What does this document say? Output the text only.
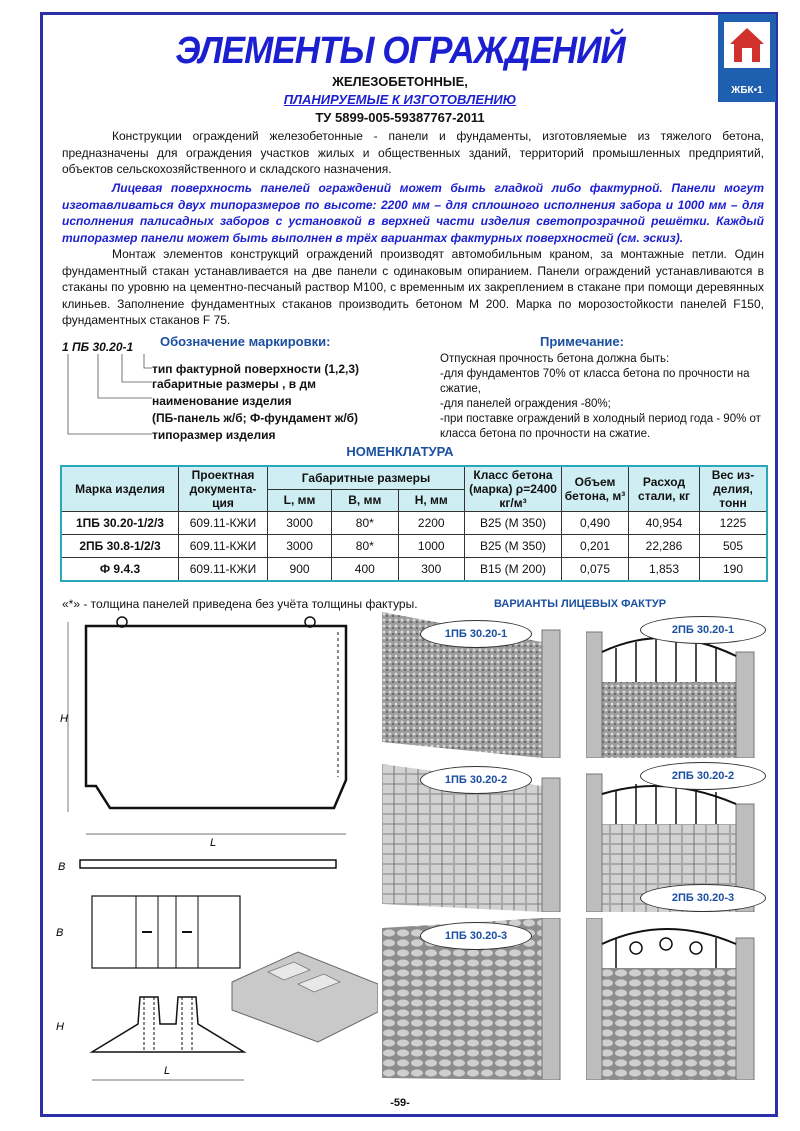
ЖБК•1
ЭЛЕМЕНТЫ ОГРАЖДЕНИЙ
ЖЕЛЕЗОБЕТОННЫЕ,
ПЛАНИРУЕМЫЕ К ИЗГОТОВЛЕНИЮ
ТУ 5899-005-59387767-2011
Конструкции ограждений железобетонные - панели и фундаменты, изготовляемые из тяжелого бетона, предназначены для ограждения участков жилых и общественных зданий, территорий промышленных предприятий, объектов сельскохозяйственного и складского назначения.
Лицевая поверхность панелей ограждений может быть гладкой либо фактурной. Панели могут изготавливаться двух типоразмеров по высоте: 2200 мм – для сплошного исполнения забора и 1000 мм – для исполнения палисадных заборов с установкой в верхней части изделия светопрозрачной решётки. Каждый типоразмер панели может быть выполнен в трёх вариантах фактурных поверхностей (см. эскиз).
Монтаж элементов конструкций ограждений производят автомобильным краном, за монтажные петли. Один фундаментный стакан устанавливается на две панели с одинаковым опиранием. Панели ограждений устанавливаются в стаканы по уровню на цементно-песчаный раствор М100, с временным их закреплением в стакане при помощи деревянных клиньев. Заполнение фундаментных стаканов производить бетоном М 200. Марка по морозостойкости панелей F150, фундаментных стаканов F 75.
Обозначение маркировки:
1 ПБ 30.20-1
тип фактурной поверхности (1,2,3)
габаритные размеры , в дм
наименование изделия
(ПБ-панель ж/б; Ф-фундамент ж/б)
типоразмер изделия
Примечание:
Отпускная прочность бетона должна быть:
-для фундаментов 70% от класса бетона по прочности на сжатие,
-для панелей ограждения -80%;
-при поставке ограждений в холодный период года - 90% от класса бетона по прочности на сжатие.
НОМЕНКЛАТУРА
Марка изделия	Проектная документа-ция	Габаритные размеры			Класс бетона (марка) ρ=2400 кг/м³	Объем бетона, м³	Расход стали, кг	Вес из-делия, тонн
		L, мм	В, мм	Н, мм				
1ПБ 30.20-1/2/3	609.11-КЖИ	3000	80*	2200	В25 (М 350)	0,490	40,954	1225
2ПБ 30.8-1/2/3	609.11-КЖИ	3000	80*	1000	В25 (М 350)	0,201	22,286	505
Ф 9.4.3	609.11-КЖИ	900	400	300	В15 (М 200)	0,075	1,853	190
«*» - толщина панелей приведена без учёта толщины фактуры.	ВАРИАНТЫ ЛИЦЕВЫХ ФАКТУР
H
L
B
B
H
L
1ПБ 30.20-1	2ПБ 30.20-1
1ПБ 30.20-2	2ПБ 30.20-2
1ПБ 30.20-3
2ПБ 30.20-3
-59-
